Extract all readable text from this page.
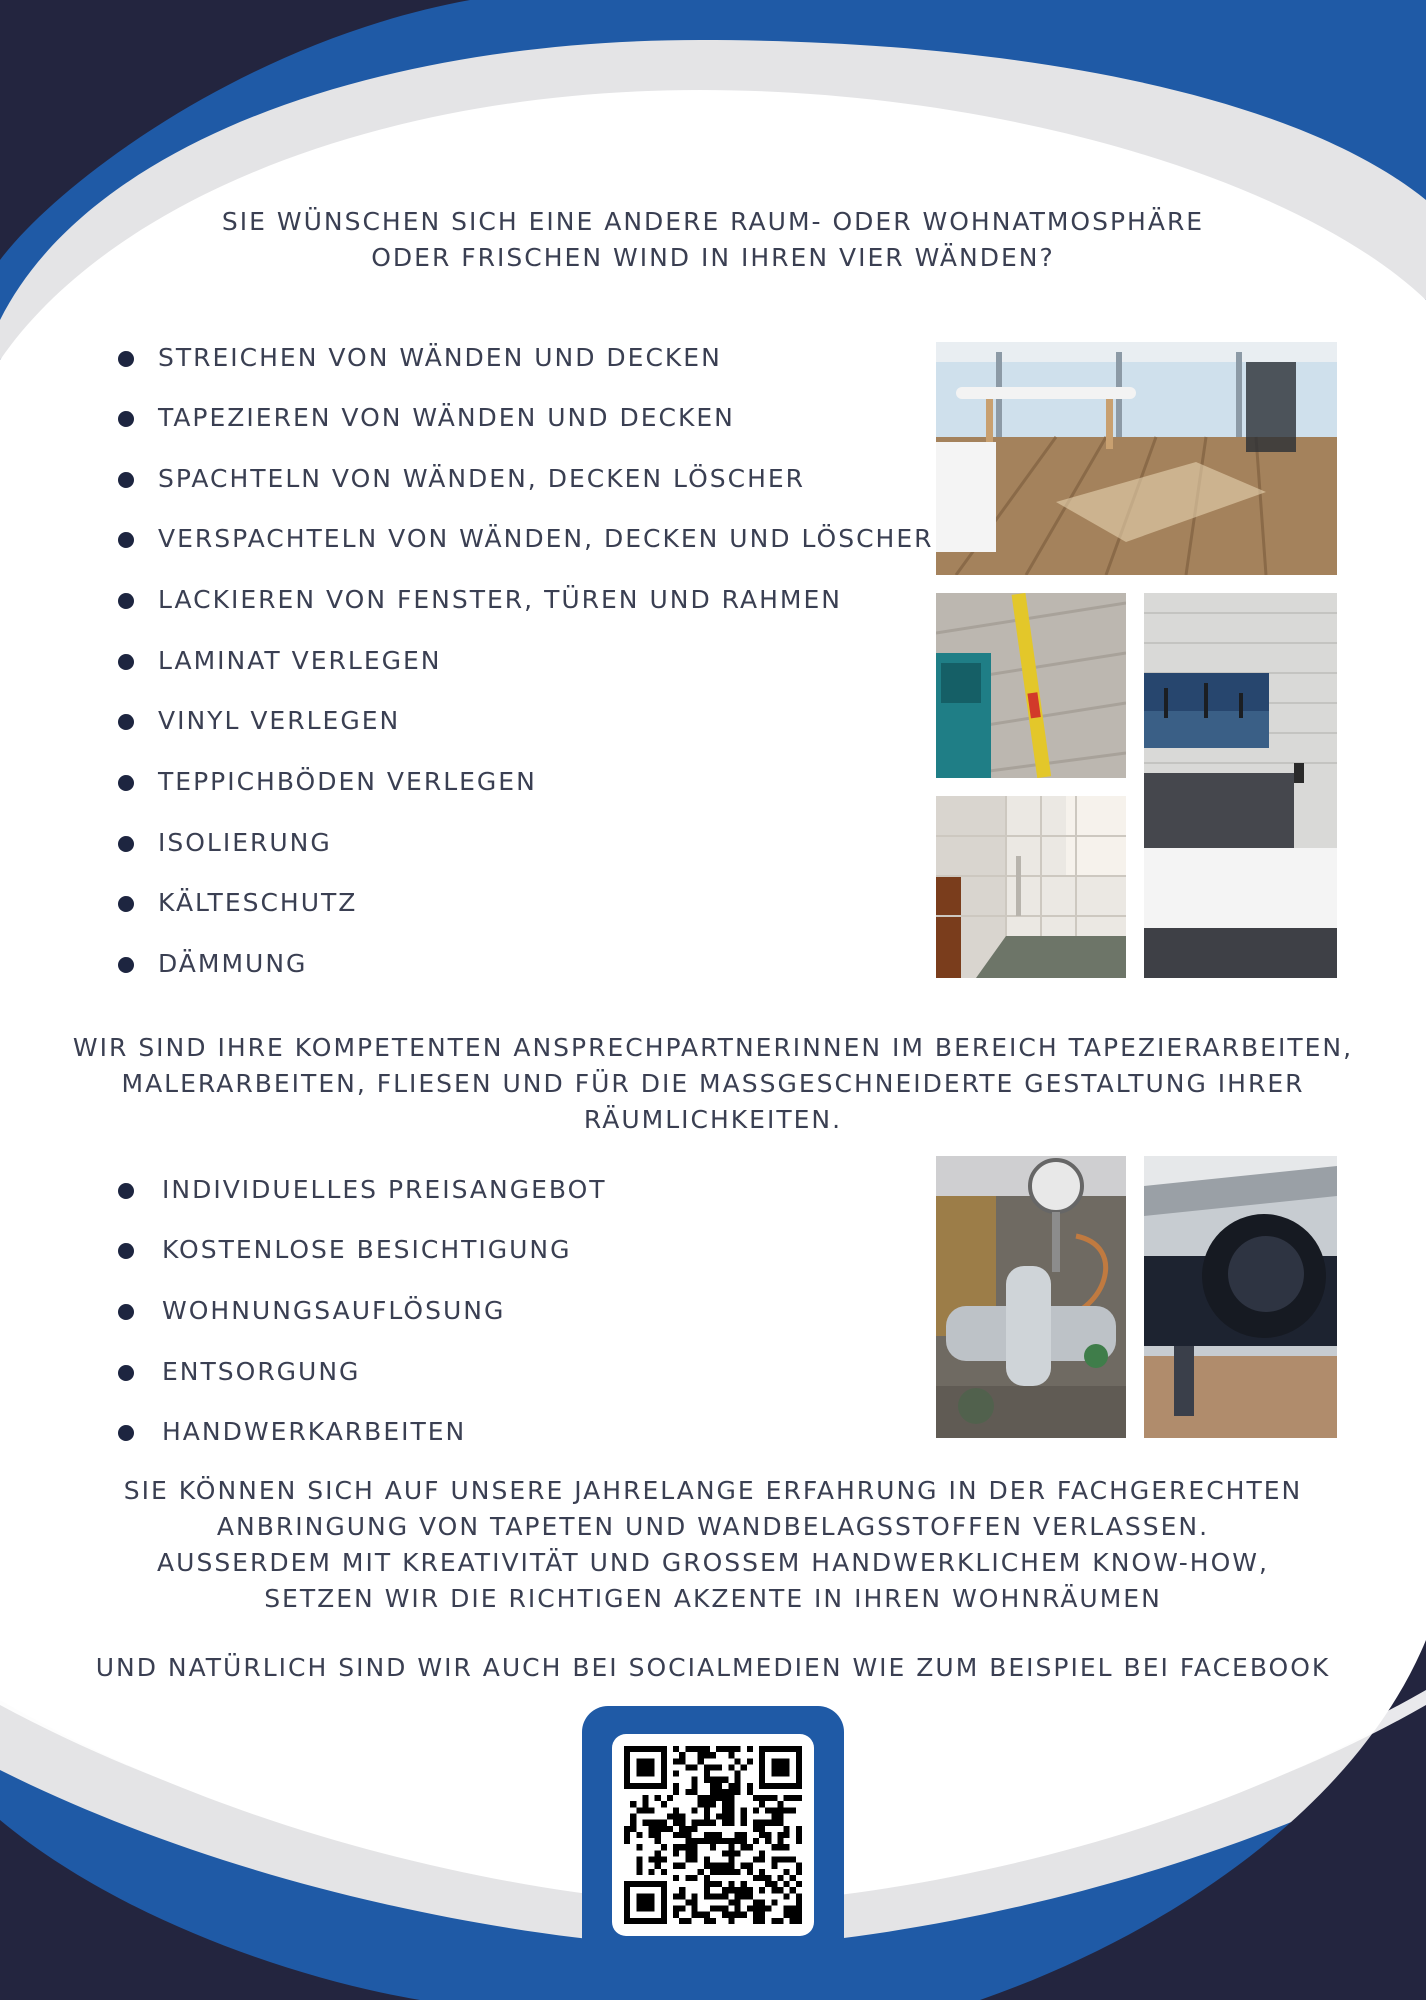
SIE WÜNSCHEN SICH EINE ANDERE RAUM- ODER WOHNATMOSPHÄRE
ODER FRISCHEN WIND IN IHREN VIER WÄNDEN?
STREICHEN VON WÄNDEN UND DECKEN
TAPEZIEREN VON WÄNDEN UND DECKEN
SPACHTELN VON WÄNDEN, DECKEN LÖSCHER
VERSPACHTELN VON WÄNDEN, DECKEN UND LÖSCHER
LACKIEREN VON FENSTER, TÜREN UND RAHMEN
LAMINAT VERLEGEN
VINYL VERLEGEN
TEPPICHBÖDEN VERLEGEN
ISOLIERUNG
KÄLTESCHUTZ
DÄMMUNG
WIR SIND IHRE KOMPETENTEN ANSPRECHPARTNERINNEN IM BEREICH TAPEZIERARBEITEN,
MALERARBEITEN, FLIESEN UND FÜR DIE MASSGESCHNEIDERTE GESTALTUNG IHRER
RÄUMLICHKEITEN.
INDIVIDUELLES PREISANGEBOT
KOSTENLOSE BESICHTIGUNG
WOHNUNGSAUFLÖSUNG
ENTSORGUNG
HANDWERKARBEITEN
SIE KÖNNEN SICH AUF UNSERE JAHRELANGE ERFAHRUNG IN DER FACHGERECHTEN
ANBRINGUNG VON TAPETEN UND WANDBELAGSSTOFFEN VERLASSEN.
AUSSERDEM MIT KREATIVITÄT UND GROSSEM HANDWERKLICHEM KNOW-HOW,
SETZEN WIR DIE RICHTIGEN AKZENTE IN IHREN WOHNRÄUMEN
UND NATÜRLICH SIND WIR AUCH BEI SOCIALMEDIEN WIE ZUM BEISPIEL BEI FACEBOOK
